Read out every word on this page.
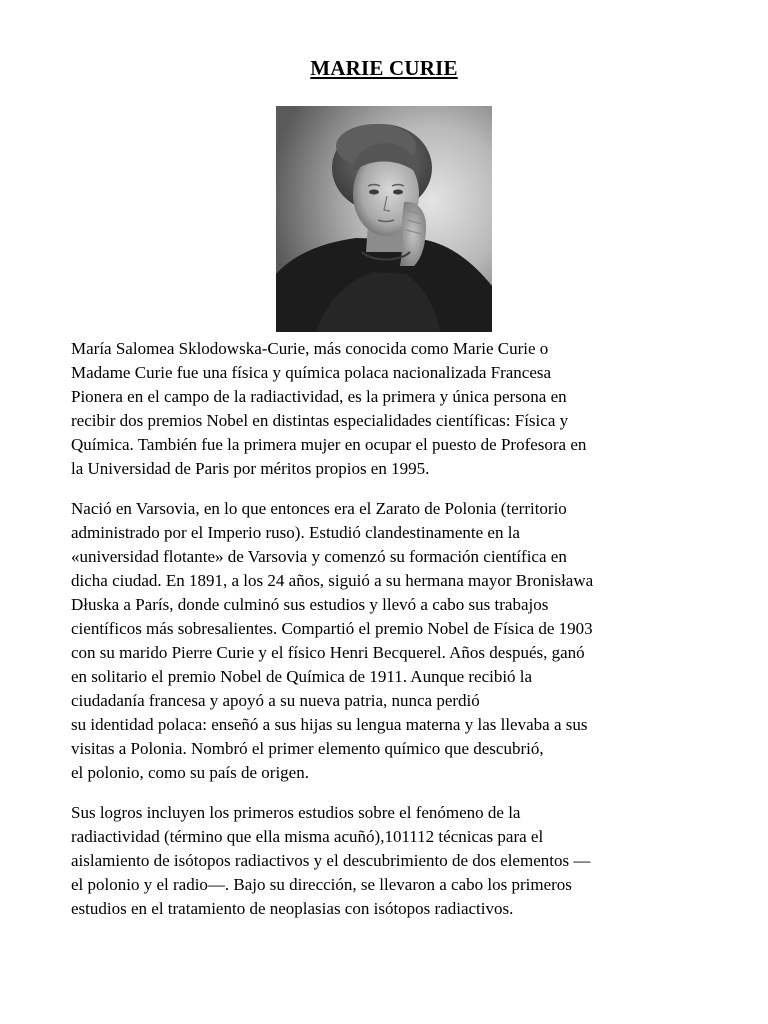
MARIE CURIE
María Salomea Sklodowska-Curie, más conocida como Marie Curie o
Madame Curie fue una física y química polaca nacionalizada Francesa
Pionera en el campo de la radiactividad, es la primera y única persona en
recibir dos premios Nobel en distintas especialidades científicas: Física y
Química. También fue la primera mujer en ocupar el puesto de Profesora en
la Universidad de Paris por méritos propios en 1995.
Nació en Varsovia, en lo que entonces era el Zarato de Polonia (territorio
administrado por el Imperio ruso). Estudió clandestinamente en la
«universidad flotante» de Varsovia y comenzó su formación científica en
dicha ciudad. En 1891, a los 24 años, siguió a su hermana mayor Bronisława
Dłuska a París, donde culminó sus estudios y llevó a cabo sus trabajos
científicos más sobresalientes. Compartió el premio Nobel de Física de 1903
con su marido Pierre Curie y el físico Henri Becquerel. Años después, ganó
en solitario el premio Nobel de Química de 1911. Aunque recibió la
ciudadanía francesa y apoyó a su nueva patria, nunca perdió
su identidad polaca: enseñó a sus hijas su lengua materna y las llevaba a sus
visitas a Polonia. Nombró el primer elemento químico que descubrió,
el polonio, como su país de origen.
Sus logros incluyen los primeros estudios sobre el fenómeno de la
radiactividad (término que ella misma acuñó),101112 técnicas para el
aislamiento de isótopos radiactivos y el descubrimiento de dos elementos —
el polonio y el radio—. Bajo su dirección, se llevaron a cabo los primeros
estudios en el tratamiento de neoplasias con isótopos radiactivos.
